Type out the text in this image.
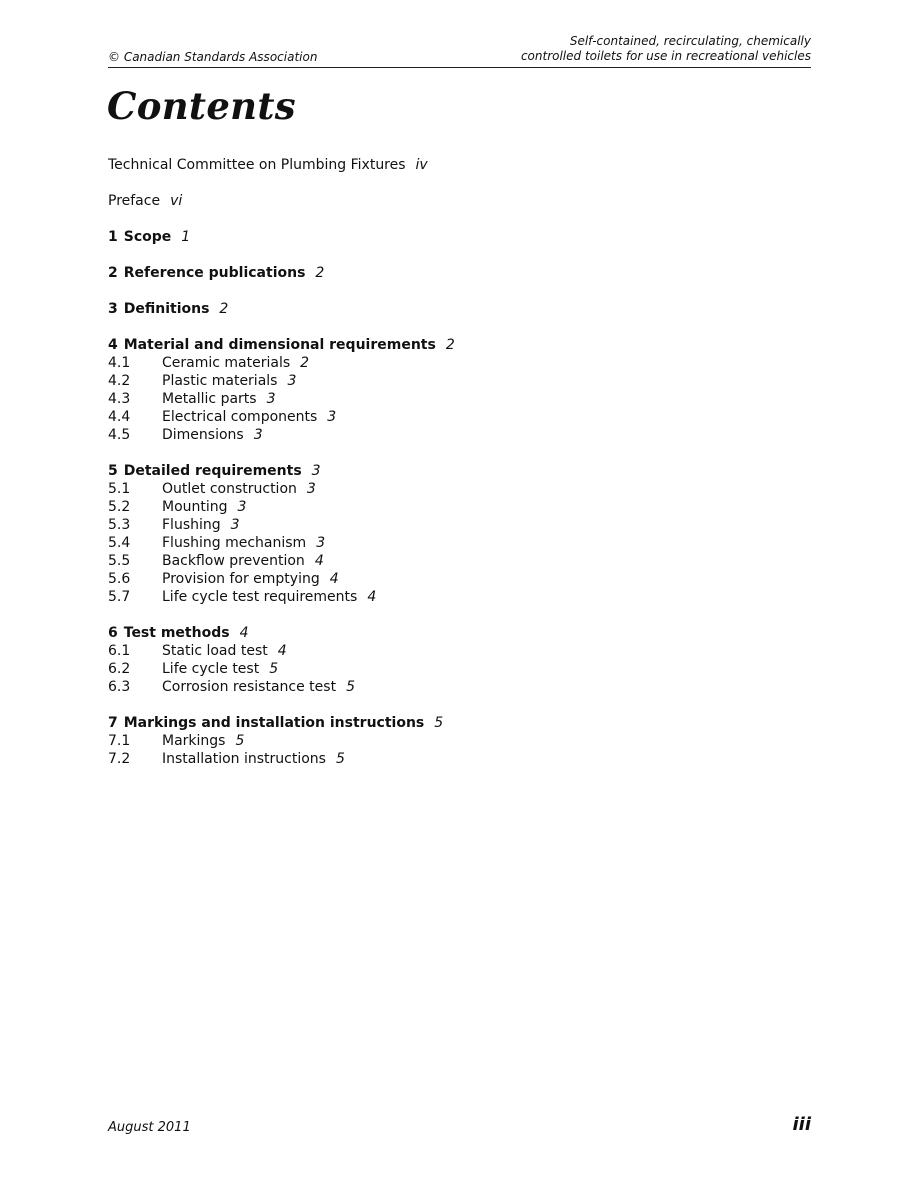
© Canadian Standards Association
Self-contained, recirculating, chemically
controlled toilets for use in recreational vehicles
Contents
Technical Committee on Plumbing Fixtures iv
Preface vi
1 Scope 1
2 Reference publications 2
3 Definitions 2
4 Material and dimensional requirements 2
4.1	Ceramic materials 2
4.2	Plastic materials 3
4.3	Metallic parts 3
4.4	Electrical components 3
4.5	Dimensions 3
5 Detailed requirements 3
5.1	Outlet construction 3
5.2	Mounting 3
5.3	Flushing 3
5.4	Flushing mechanism 3
5.5	Backflow prevention 4
5.6	Provision for emptying 4
5.7	Life cycle test requirements 4
6 Test methods 4
6.1	Static load test 4
6.2	Life cycle test 5
6.3	Corrosion resistance test 5
7 Markings and installation instructions 5
7.1	Markings 5
7.2	Installation instructions 5
August 2011	iii
